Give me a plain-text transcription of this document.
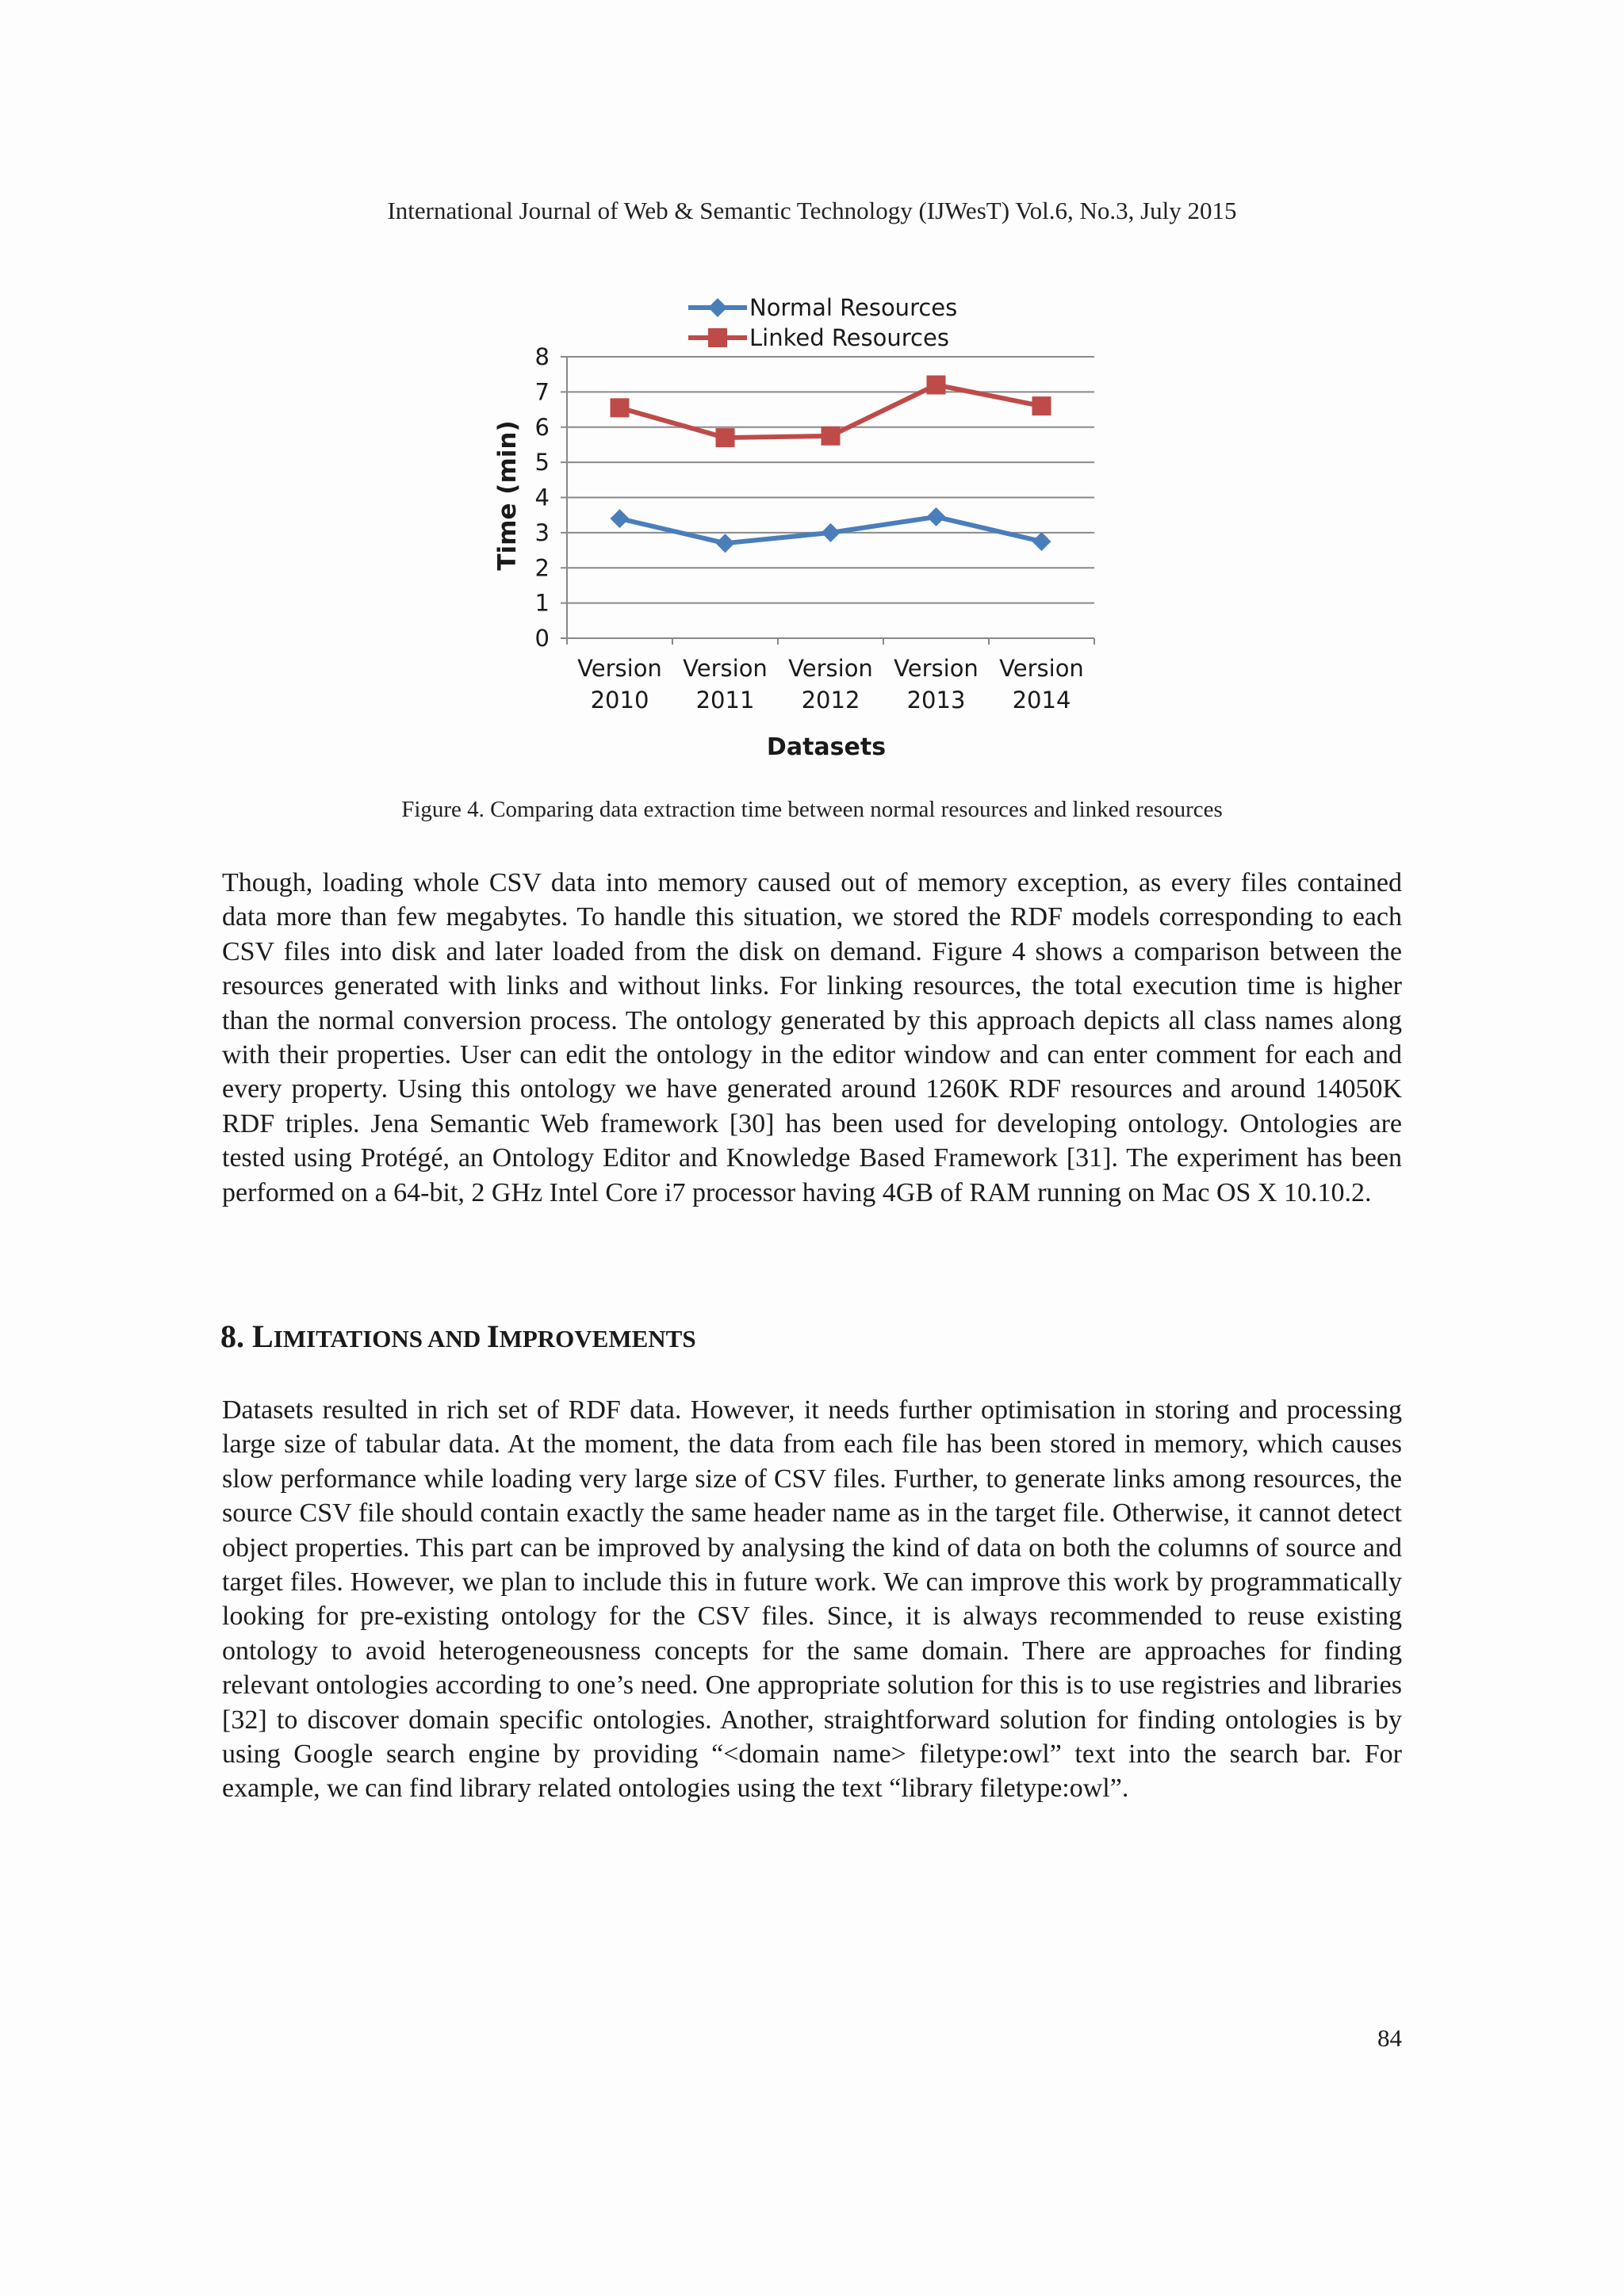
International Journal of Web & Semantic Technology (IJWesT) Vol.6, No.3, July 2015
Normal Resources
Linked Resources
0
1
2
3
4
5
6
7
8
Version
2010
Version
2011
Version
2012
Version
2013
Version
2014
Time (min)
Datasets
Figure 4. Comparing data extraction time between normal resources and linked resources

Though, loading whole CSV data into memory caused out of memory exception, as every files contained data more than few megabytes. To handle this situation, we stored the RDF models corresponding to each CSV files into disk and later loaded from the disk on demand. Figure 4 shows a comparison between the resources generated with links and without links. For linking resources, the total execution time is higher than the normal conversion process. The ontology generated by this approach depicts all class names along with their properties. User can edit the ontology in the editor window and can enter comment for each and every property. Using this ontology we have generated around 1260K RDF resources and around 14050K RDF triples. Jena Semantic Web framework [30] has been used for developing ontology. Ontologies are tested using Protégé, an Ontology Editor and Knowledge Based Framework [31]. The experiment has been performed on a 64-bit, 2 GHz Intel Core i7 processor having 4GB of RAM running on Mac OS X 10.10.2.

8. LIMITATIONS AND IMPROVEMENTS

Datasets resulted in rich set of RDF data. However, it needs further optimisation in storing and processing large size of tabular data. At the moment, the data from each file has been stored in memory, which causes slow performance while loading very large size of CSV files. Further, to generate links among resources, the source CSV file should contain exactly the same header name as in the target file. Otherwise, it cannot detect object properties. This part can be improved by analysing the kind of data on both the columns of source and target files. However, we plan to include this in future work. We can improve this work by programmatically looking for pre-existing ontology for the CSV files. Since, it is always recommended to reuse existing ontology to avoid heterogeneousness concepts for the same domain. There are approaches for finding relevant ontologies according to one’s need. One appropriate solution for this is to use registries and libraries [32] to discover domain specific ontologies. Another, straightforward solution for finding ontologies is by using Google search engine by providing “<domain name> filetype:owl” text into the search bar. For example, we can find library related ontologies using the text “library filetype:owl”.

84
